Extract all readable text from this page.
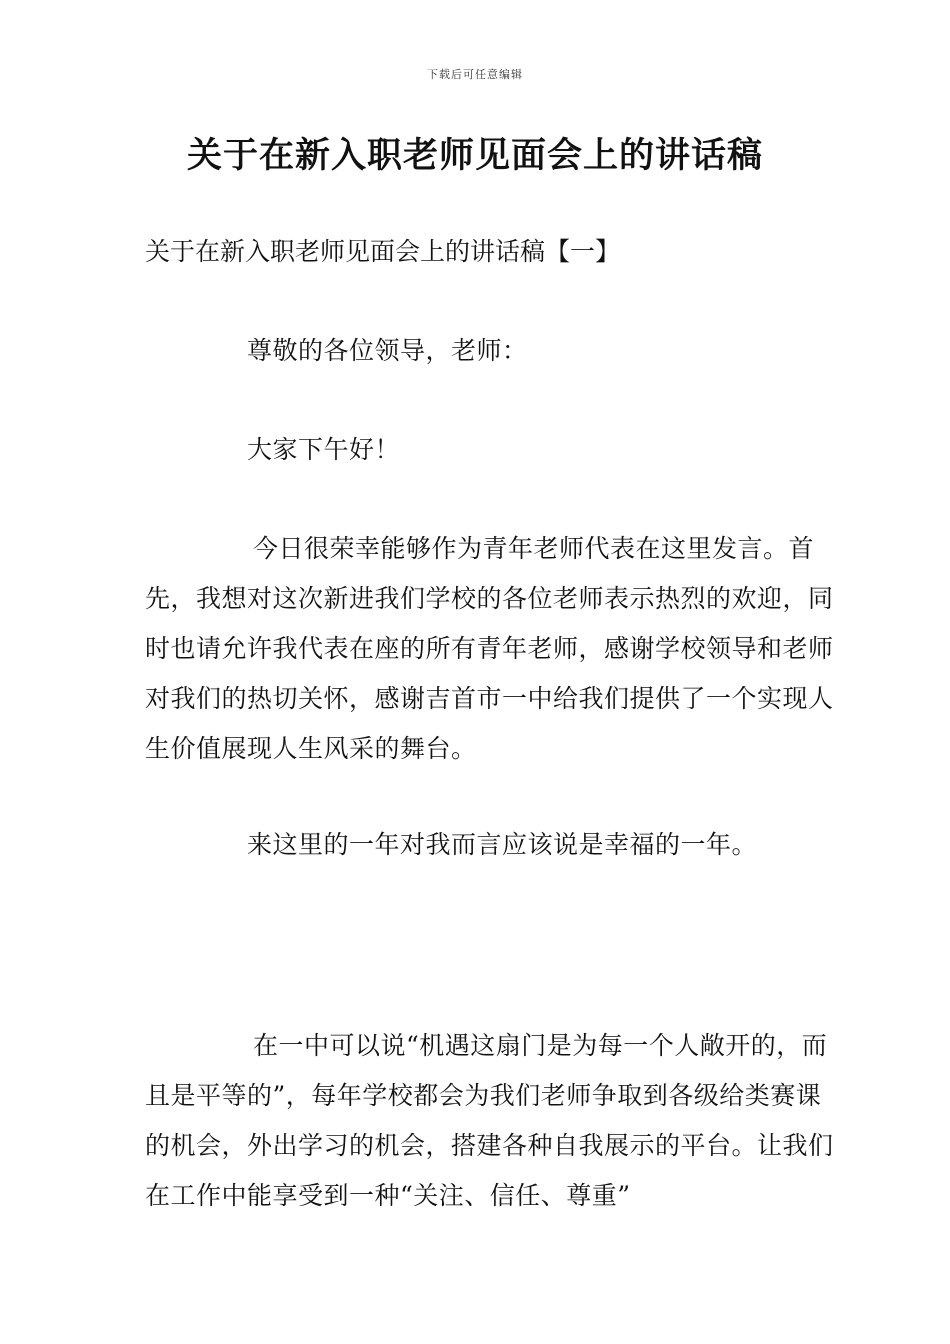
下载后可任意编辑
关于在新入职老师见面会上的讲话稿
关于在新入职老师见面会上的讲话稿【一】

尊敬的各位领导，老师：

大家下午好！

今日很荣幸能够作为青年老师代表在这里发言。首先，我想对这次新进我们学校的各位老师表示热烈的欢迎，同时也请允许我代表在座的所有青年老师，感谢学校领导和老师对我们的热切关怀，感谢吉首市一中给我们提供了一个实现人生价值展现人生风采的舞台。

来这里的一年对我而言应该说是幸福的一年。

在一中可以说“机遇这扇门是为每一个人敞开的，而且是平等的”，每年学校都会为我们老师争取到各级给类赛课的机会，外出学习的机会，搭建各种自我展示的平台。让我们在工作中能享受到一种“关注、信任、尊重”
